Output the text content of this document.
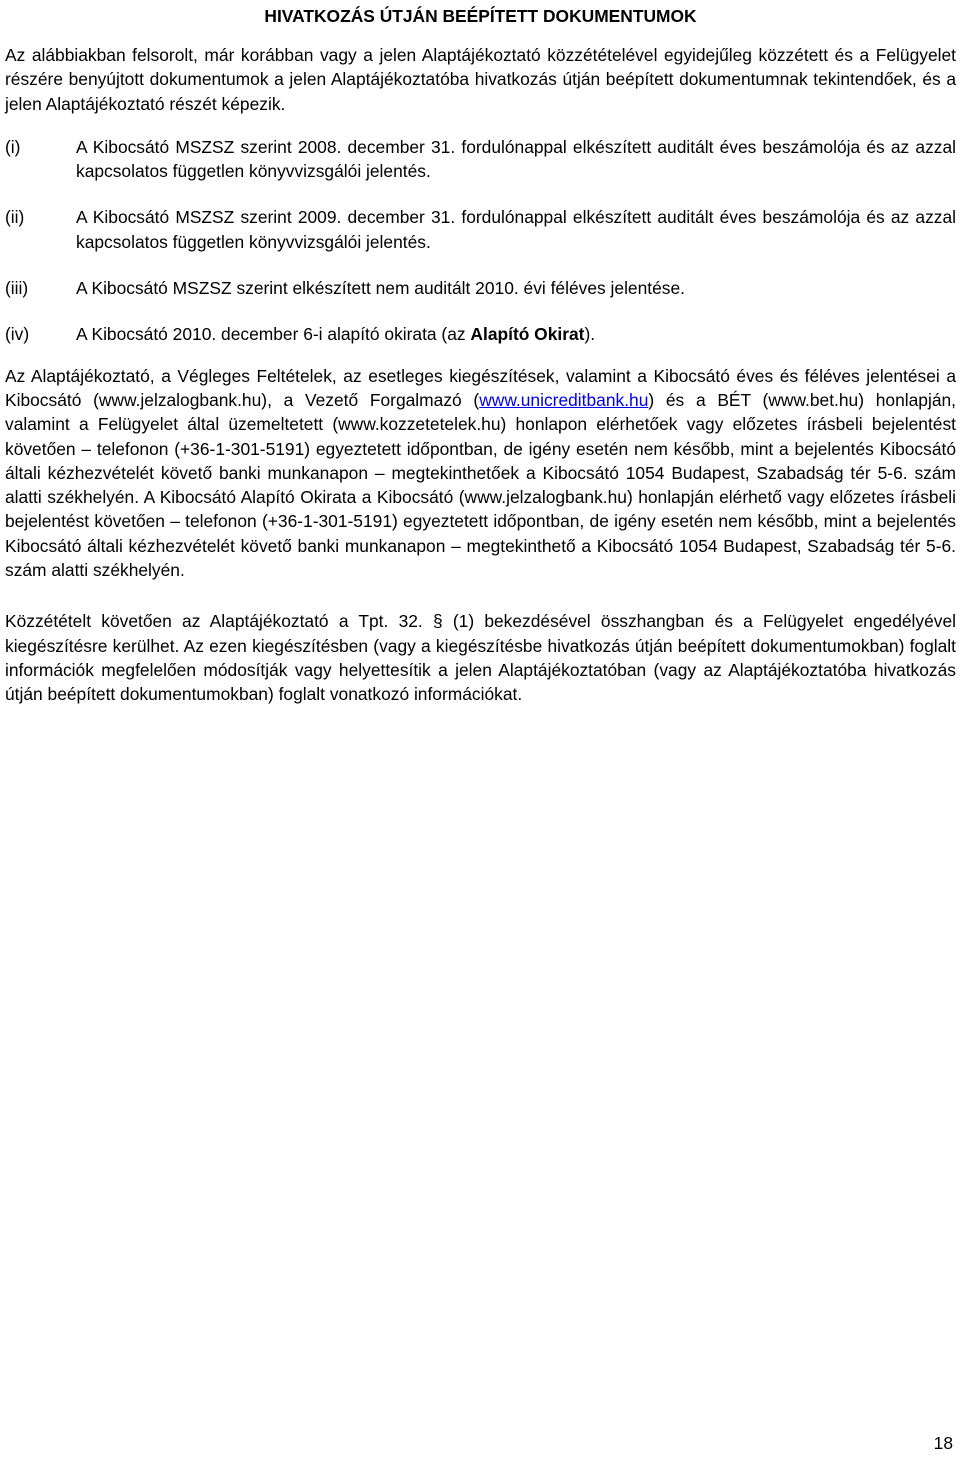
HIVATKOZÁS ÚTJÁN BEÉPÍTETT DOKUMENTUMOK

Az alábbiakban felsorolt, már korábban vagy a jelen Alaptájékoztató közzétételével egyidejűleg közzétett és a Felügyelet részére benyújtott dokumentumok a jelen Alaptájékoztatóba hivatkozás útján beépített dokumentumnak tekintendőek, és a jelen Alaptájékoztató részét képezik.

(i)	A Kibocsátó MSZSZ szerint 2008. december 31. fordulónappal elkészített auditált éves beszámolója és az azzal kapcsolatos független könyvvizsgálói jelentés.
(ii)	A Kibocsátó MSZSZ szerint 2009. december 31. fordulónappal elkészített auditált éves beszámolója és az azzal kapcsolatos független könyvvizsgálói jelentés.
(iii)	A Kibocsátó MSZSZ szerint elkészített nem auditált 2010. évi féléves jelentése.
(iv)	A Kibocsátó 2010. december 6-i alapító okirata (az Alapító Okirat).

Az Alaptájékoztató, a Végleges Feltételek, az esetleges kiegészítések, valamint a Kibocsátó éves és féléves jelentései a Kibocsátó (www.jelzalogbank.hu), a Vezető Forgalmazó (www.unicreditbank.hu) és a BÉT (www.bet.hu) honlapján, valamint a Felügyelet által üzemeltetett (www.kozzetetelek.hu) honlapon elérhetőek vagy előzetes írásbeli bejelentést követően – telefonon (+36-1-301-5191) egyeztetett időpontban, de igény esetén nem később, mint a bejelentés Kibocsátó általi kézhezvételét követő banki munkanapon – megtekinthetőek a Kibocsátó 1054 Budapest, Szabadság tér 5-6. szám alatti székhelyén. A Kibocsátó Alapító Okirata a Kibocsátó (www.jelzalogbank.hu) honlapján elérhető vagy előzetes írásbeli bejelentést követően – telefonon (+36-1-301-5191) egyeztetett időpontban, de igény esetén nem később, mint a bejelentés Kibocsátó általi kézhezvételét követő banki munkanapon – megtekinthető a Kibocsátó 1054 Budapest, Szabadság tér 5-6. szám alatti székhelyén.

Közzétételt követően az Alaptájékoztató a Tpt. 32. § (1) bekezdésével összhangban és a Felügyelet engedélyével kiegészítésre kerülhet. Az ezen kiegészítésben (vagy a kiegészítésbe hivatkozás útján beépített dokumentumokban) foglalt információk megfelelően módosítják vagy helyettesítik a jelen Alaptájékoztatóban (vagy az Alaptájékoztatóba hivatkozás útján beépített dokumentumokban) foglalt vonatkozó információkat.

18
